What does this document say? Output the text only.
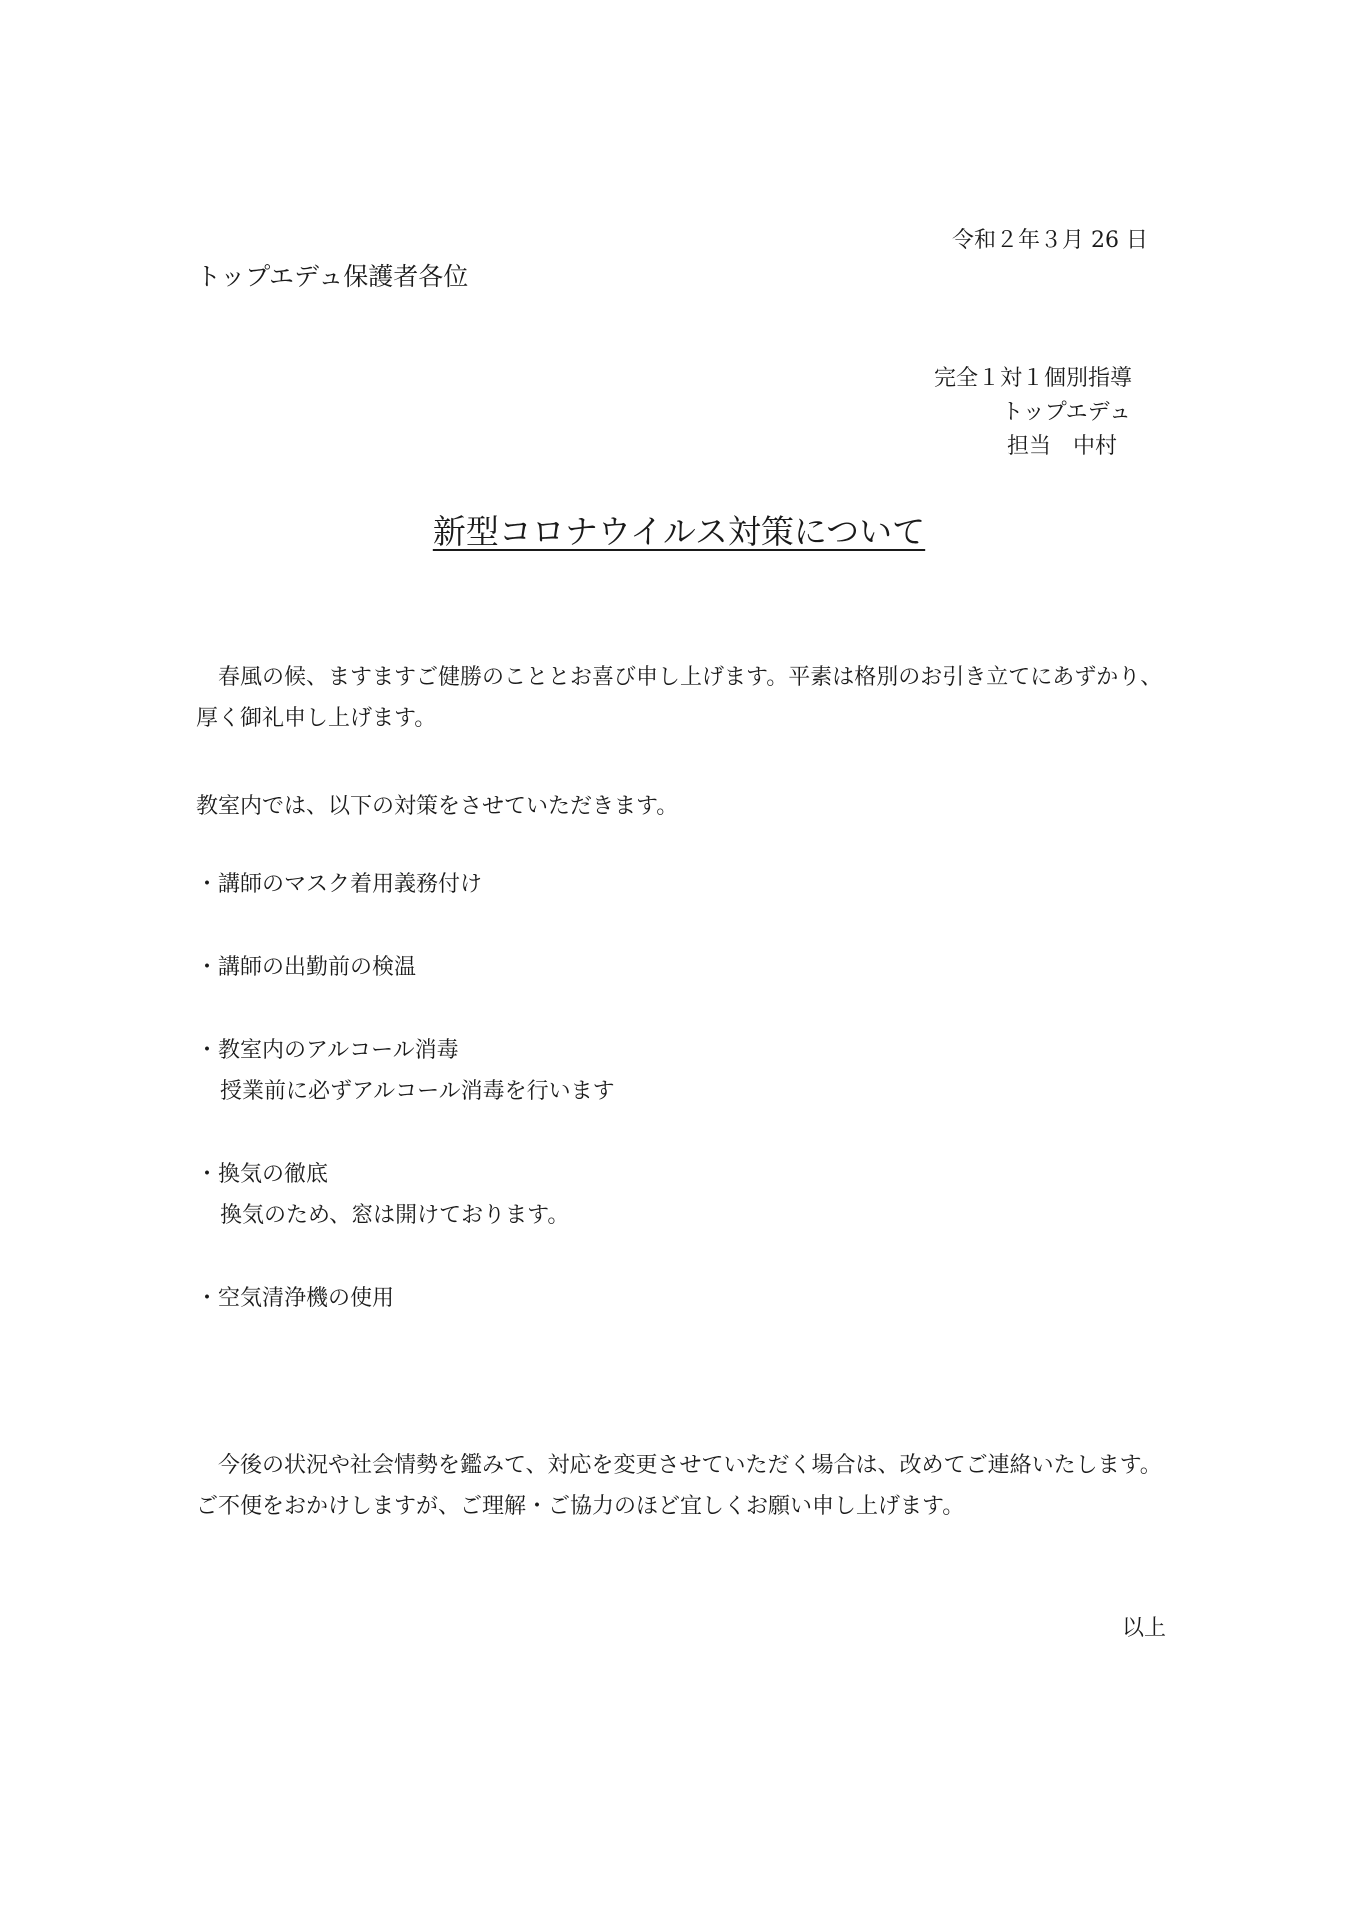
令和２年３月 26 日
トップエデュ保護者各位
完全１対１個別指導
トップエデュ
担当　中村
新型コロナウイルス対策について
　春風の候、ますますご健勝のこととお喜び申し上げます。平素は格別のお引き立てにあずかり、厚く御礼申し上げます。
教室内では、以下の対策をさせていただきます。
・講師のマスク着用義務付け
・講師の出勤前の検温
・教室内のアルコール消毒
授業前に必ずアルコール消毒を行います
・換気の徹底
換気のため、窓は開けております。
・空気清浄機の使用
　今後の状況や社会情勢を鑑みて、対応を変更させていただく場合は、改めてご連絡いたします。ご不便をおかけしますが、ご理解・ご協力のほど宜しくお願い申し上げます。
以上
